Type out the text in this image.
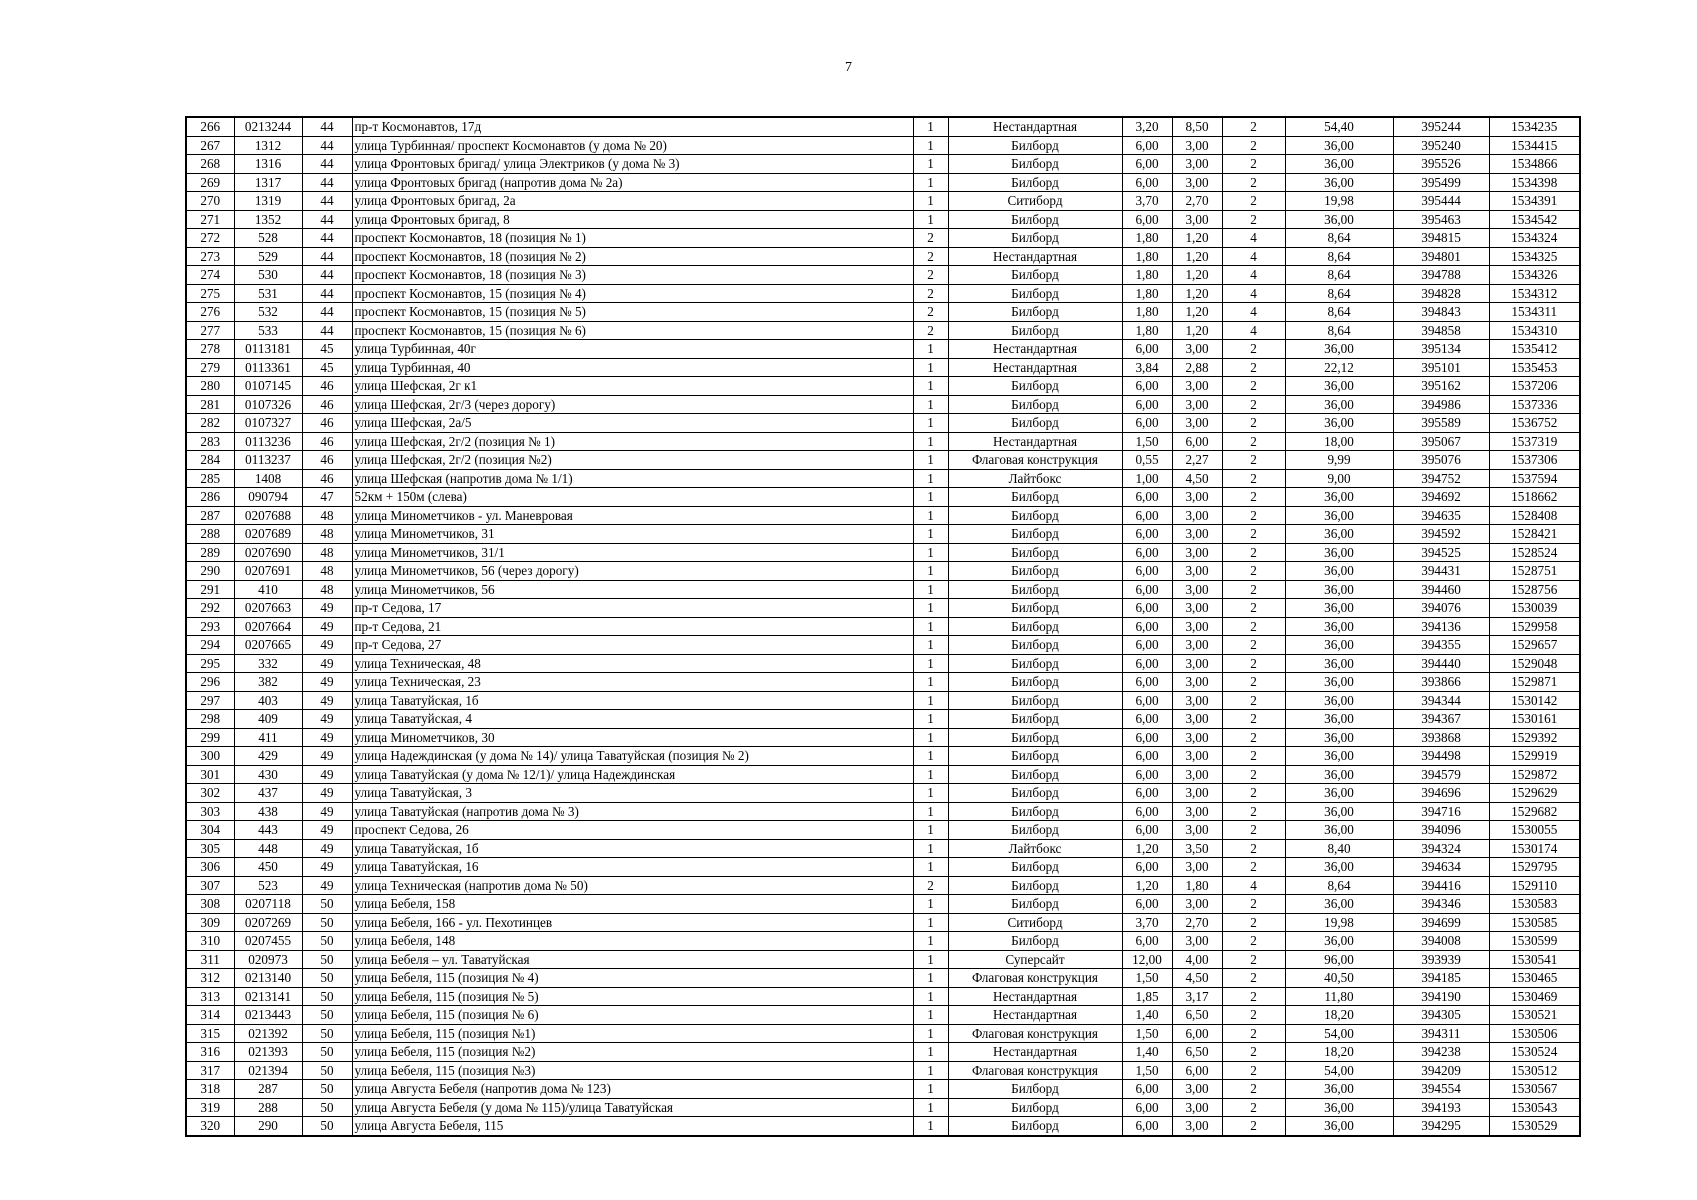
7
266	0213244	44	пр-т Космонавтов, 17д	1	Нестандартная	3,20	8,50	2	54,40	395244	1534235
267	1312	44	улица Турбинная/ проспект Космонавтов (у дома № 20)	1	Билборд	6,00	3,00	2	36,00	395240	1534415
268	1316	44	улица Фронтовых бригад/ улица Электриков (у дома № 3)	1	Билборд	6,00	3,00	2	36,00	395526	1534866
269	1317	44	улица Фронтовых бригад (напротив дома № 2а)	1	Билборд	6,00	3,00	2	36,00	395499	1534398
270	1319	44	улица Фронтовых бригад, 2а	1	Ситиборд	3,70	2,70	2	19,98	395444	1534391
271	1352	44	улица Фронтовых бригад, 8	1	Билборд	6,00	3,00	2	36,00	395463	1534542
272	528	44	проспект Космонавтов, 18 (позиция № 1)	2	Билборд	1,80	1,20	4	8,64	394815	1534324
273	529	44	проспект Космонавтов, 18 (позиция № 2)	2	Нестандартная	1,80	1,20	4	8,64	394801	1534325
274	530	44	проспект Космонавтов, 18 (позиция № 3)	2	Билборд	1,80	1,20	4	8,64	394788	1534326
275	531	44	проспект Космонавтов, 15 (позиция № 4)	2	Билборд	1,80	1,20	4	8,64	394828	1534312
276	532	44	проспект Космонавтов, 15 (позиция № 5)	2	Билборд	1,80	1,20	4	8,64	394843	1534311
277	533	44	проспект Космонавтов, 15 (позиция № 6)	2	Билборд	1,80	1,20	4	8,64	394858	1534310
278	0113181	45	улица Турбинная, 40г	1	Нестандартная	6,00	3,00	2	36,00	395134	1535412
279	0113361	45	улица Турбинная, 40	1	Нестандартная	3,84	2,88	2	22,12	395101	1535453
280	0107145	46	улица Шефская, 2г к1	1	Билборд	6,00	3,00	2	36,00	395162	1537206
281	0107326	46	улица Шефская, 2г/3 (через дорогу)	1	Билборд	6,00	3,00	2	36,00	394986	1537336
282	0107327	46	улица Шефская, 2а/5	1	Билборд	6,00	3,00	2	36,00	395589	1536752
283	0113236	46	улица Шефская, 2г/2 (позиция № 1)	1	Нестандартная	1,50	6,00	2	18,00	395067	1537319
284	0113237	46	улица Шефская, 2г/2 (позиция №2)	1	Флаговая конструкция	0,55	2,27	2	9,99	395076	1537306
285	1408	46	улица Шефская (напротив дома № 1/1)	1	Лайтбокс	1,00	4,50	2	9,00	394752	1537594
286	090794	47	52км + 150м (слева)	1	Билборд	6,00	3,00	2	36,00	394692	1518662
287	0207688	48	улица Минометчиков - ул. Маневровая	1	Билборд	6,00	3,00	2	36,00	394635	1528408
288	0207689	48	улица Минометчиков, 31	1	Билборд	6,00	3,00	2	36,00	394592	1528421
289	0207690	48	улица Минометчиков, 31/1	1	Билборд	6,00	3,00	2	36,00	394525	1528524
290	0207691	48	улица Минометчиков, 56 (через дорогу)	1	Билборд	6,00	3,00	2	36,00	394431	1528751
291	410	48	улица Минометчиков, 56	1	Билборд	6,00	3,00	2	36,00	394460	1528756
292	0207663	49	пр-т Седова, 17	1	Билборд	6,00	3,00	2	36,00	394076	1530039
293	0207664	49	пр-т Седова, 21	1	Билборд	6,00	3,00	2	36,00	394136	1529958
294	0207665	49	пр-т Седова, 27	1	Билборд	6,00	3,00	2	36,00	394355	1529657
295	332	49	улица Техническая, 48	1	Билборд	6,00	3,00	2	36,00	394440	1529048
296	382	49	улица Техническая, 23	1	Билборд	6,00	3,00	2	36,00	393866	1529871
297	403	49	улица Таватуйская, 1б	1	Билборд	6,00	3,00	2	36,00	394344	1530142
298	409	49	улица Таватуйская, 4	1	Билборд	6,00	3,00	2	36,00	394367	1530161
299	411	49	улица Минометчиков, 30	1	Билборд	6,00	3,00	2	36,00	393868	1529392
300	429	49	улица Надеждинская (у дома № 14)/ улица Таватуйская (позиция № 2)	1	Билборд	6,00	3,00	2	36,00	394498	1529919
301	430	49	улица Таватуйская (у дома № 12/1)/ улица Надеждинская	1	Билборд	6,00	3,00	2	36,00	394579	1529872
302	437	49	улица Таватуйская, 3	1	Билборд	6,00	3,00	2	36,00	394696	1529629
303	438	49	улица Таватуйская (напротив дома № 3)	1	Билборд	6,00	3,00	2	36,00	394716	1529682
304	443	49	проспект Седова, 26	1	Билборд	6,00	3,00	2	36,00	394096	1530055
305	448	49	улица Таватуйская, 1б	1	Лайтбокс	1,20	3,50	2	8,40	394324	1530174
306	450	49	улица Таватуйская, 16	1	Билборд	6,00	3,00	2	36,00	394634	1529795
307	523	49	улица Техническая (напротив дома № 50)	2	Билборд	1,20	1,80	4	8,64	394416	1529110
308	0207118	50	улица Бебеля, 158	1	Билборд	6,00	3,00	2	36,00	394346	1530583
309	0207269	50	улица Бебеля, 166 - ул. Пехотинцев	1	Ситиборд	3,70	2,70	2	19,98	394699	1530585
310	0207455	50	улица Бебеля, 148	1	Билборд	6,00	3,00	2	36,00	394008	1530599
311	020973	50	улица Бебеля – ул. Таватуйская	1	Суперсайт	12,00	4,00	2	96,00	393939	1530541
312	0213140	50	улица Бебеля, 115 (позиция № 4)	1	Флаговая конструкция	1,50	4,50	2	40,50	394185	1530465
313	0213141	50	улица Бебеля, 115 (позиция № 5)	1	Нестандартная	1,85	3,17	2	11,80	394190	1530469
314	0213443	50	улица Бебеля, 115 (позиция № 6)	1	Нестандартная	1,40	6,50	2	18,20	394305	1530521
315	021392	50	улица Бебеля, 115 (позиция №1)	1	Флаговая конструкция	1,50	6,00	2	54,00	394311	1530506
316	021393	50	улица Бебеля, 115 (позиция №2)	1	Нестандартная	1,40	6,50	2	18,20	394238	1530524
317	021394	50	улица Бебеля, 115 (позиция №3)	1	Флаговая конструкция	1,50	6,00	2	54,00	394209	1530512
318	287	50	улица Августа Бебеля (напротив дома № 123)	1	Билборд	6,00	3,00	2	36,00	394554	1530567
319	288	50	улица Августа Бебеля (у дома № 115)/улица Таватуйская	1	Билборд	6,00	3,00	2	36,00	394193	1530543
320	290	50	улица Августа Бебеля, 115	1	Билборд	6,00	3,00	2	36,00	394295	1530529
